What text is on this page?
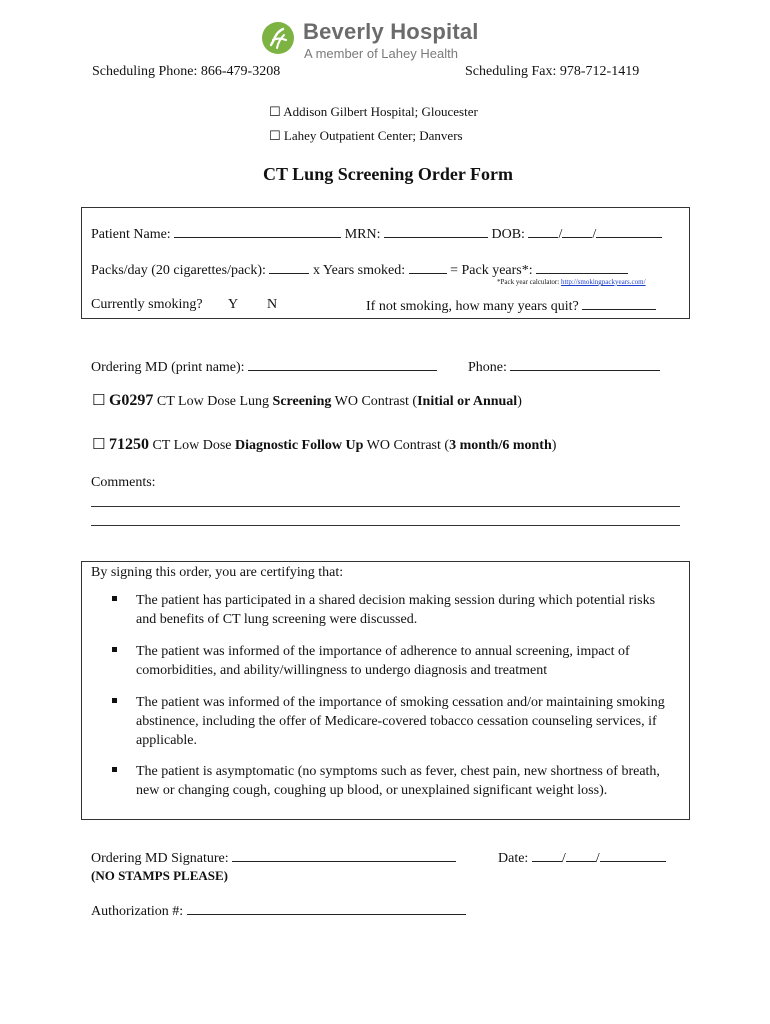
Beverly Hospital
A member of Lahey Health
Scheduling Phone: 866-479-3208	Scheduling Fax: 978-712-1419
☐ Addison Gilbert Hospital; Gloucester
☐ Lahey Outpatient Center; Danvers
CT Lung Screening Order Form
Patient Name:	MRN:	DOB: / /
Packs/day (20 cigarettes/pack):	x Years smoked:	= Pack years*:
*Pack year calculator: http://smokingpackyears.com/
Currently smoking? Y N	If not smoking, how many years quit?
Ordering MD (print name):	Phone:
☐ G0297 CT Low Dose Lung Screening WO Contrast (Initial or Annual)
☐ 71250 CT Low Dose Diagnostic Follow Up WO Contrast (3 month/6 month)
Comments:
By signing this order, you are certifying that:
The patient has participated in a shared decision making session during which potential risks and benefits of CT lung screening were discussed.
The patient was informed of the importance of adherence to annual screening, impact of comorbidities, and ability/willingness to undergo diagnosis and treatment
The patient was informed of the importance of smoking cessation and/or maintaining smoking abstinence, including the offer of Medicare-covered tobacco cessation counseling services, if applicable.
The patient is asymptomatic (no symptoms such as fever, chest pain, new shortness of breath, new or changing cough, coughing up blood, or unexplained significant weight loss).
Ordering MD Signature:	Date: / /
(NO STAMPS PLEASE)
Authorization #:
